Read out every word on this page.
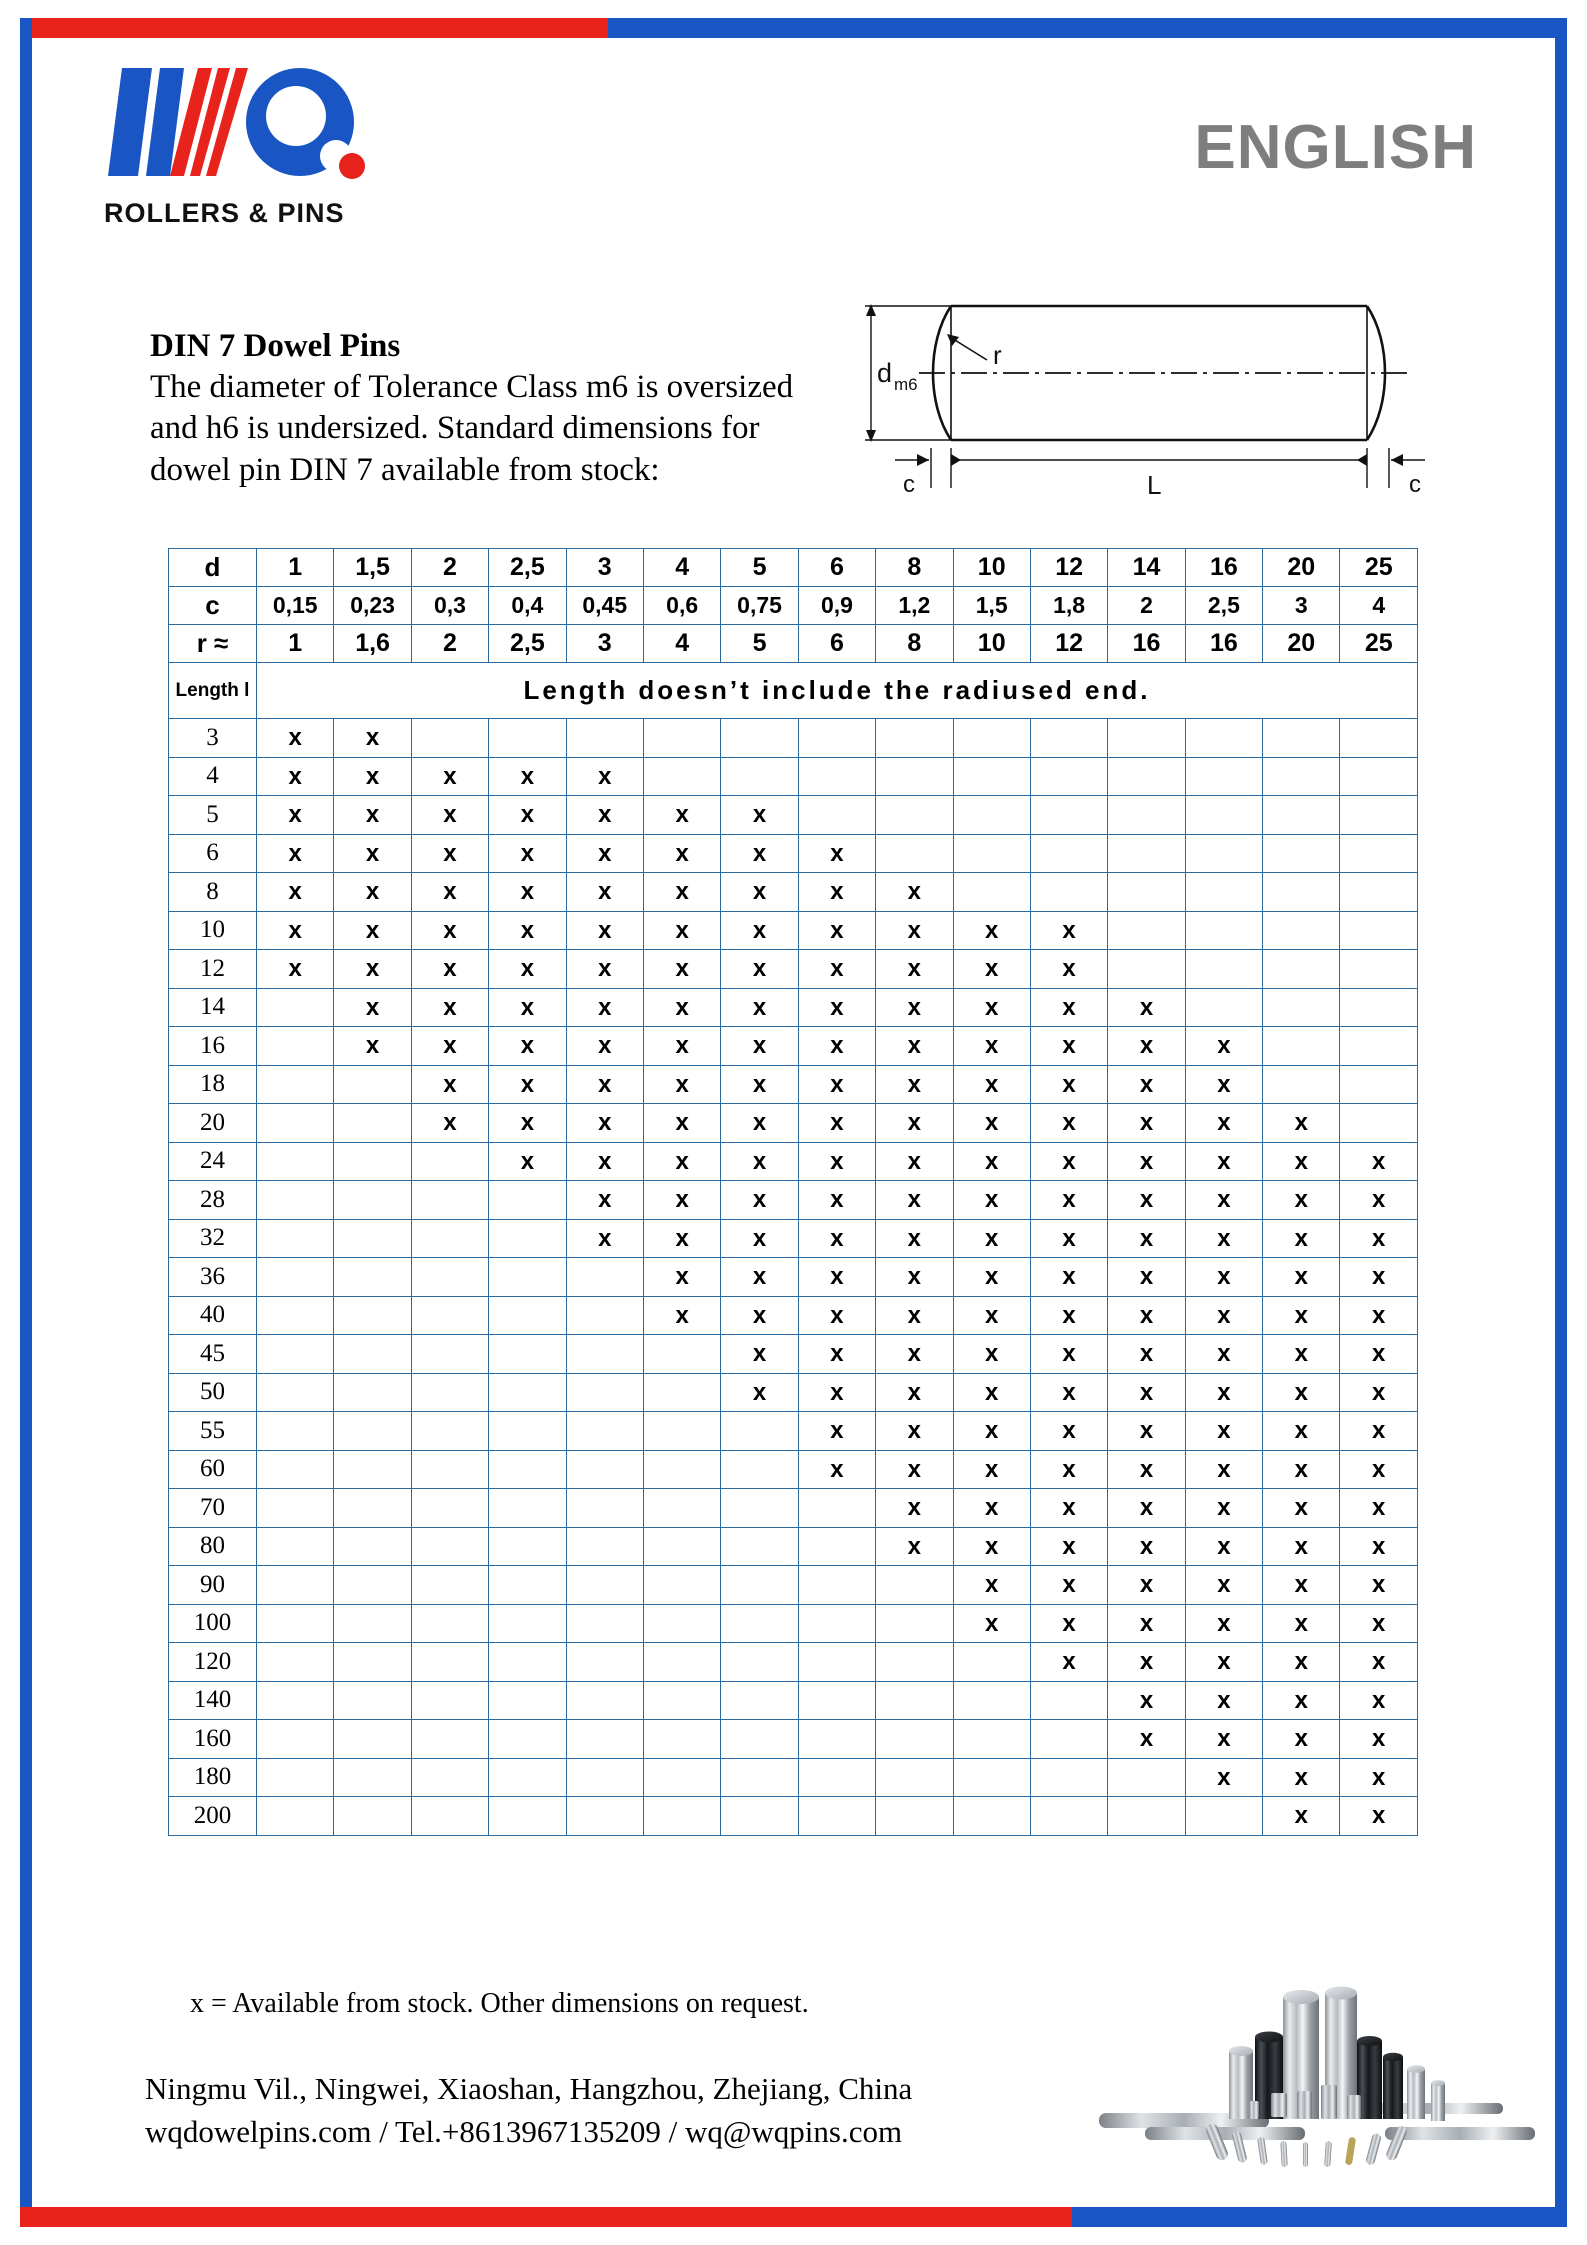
ROLLERS & PINS
ENGLISH
DIN 7 Dowel Pins

The diameter of Tolerance Class m6 is oversized and h6 is undersized. Standard dimensions for dowel pin DIN 7 available from stock:

d m6
r
L
c	c
d	1	1,5	2	2,5	3	4	5	6	8	10	12	14	16	20	25
c	0,15	0,23	0,3	0,4	0,45	0,6	0,75	0,9	1,2	1,5	1,8	2	2,5	3	4
r ≈	1	1,6	2	2,5	3	4	5	6	8	10	12	16	16	20	25
Length l	Length doesn’t include the radiused end.														
3	x	x													
4	x	x	x	x	x										
5	x	x	x	x	x	x	x								
6	x	x	x	x	x	x	x	x							
8	x	x	x	x	x	x	x	x	x						
10	x	x	x	x	x	x	x	x	x	x	x				
12	x	x	x	x	x	x	x	x	x	x	x				
14		x	x	x	x	x	x	x	x	x	x	x			
16		x	x	x	x	x	x	x	x	x	x	x	x		
18			x	x	x	x	x	x	x	x	x	x	x		
20			x	x	x	x	x	x	x	x	x	x	x	x	
24				x	x	x	x	x	x	x	x	x	x	x	x
28					x	x	x	x	x	x	x	x	x	x	x
32					x	x	x	x	x	x	x	x	x	x	x
36						x	x	x	x	x	x	x	x	x	x
40						x	x	x	x	x	x	x	x	x	x
45							x	x	x	x	x	x	x	x	x
50							x	x	x	x	x	x	x	x	x
55								x	x	x	x	x	x	x	x
60								x	x	x	x	x	x	x	x
70									x	x	x	x	x	x	x
80									x	x	x	x	x	x	x
90										x	x	x	x	x	x
100										x	x	x	x	x	x
120											x	x	x	x	x
140												x	x	x	x
160												x	x	x	x
180													x	x	x
200														x	x
x = Available from stock. Other dimensions on request.
Ningmu Vil., Ningwei, Xiaoshan, Hangzhou, Zhejiang, China
wqdowelpins.com / Tel.+8613967135209 / wq@wqpins.com
